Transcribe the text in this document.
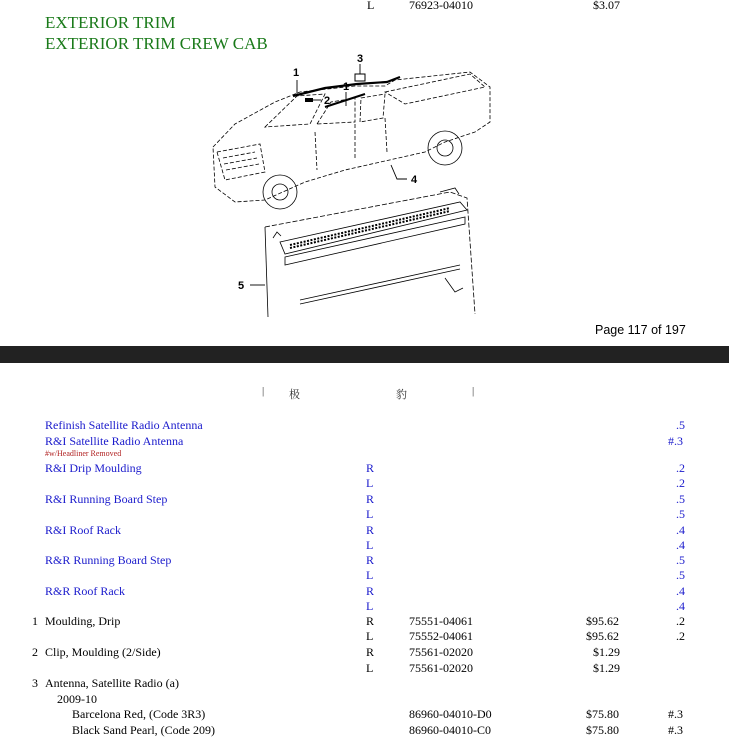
L	76923-04010	$3.07
EXTERIOR TRIM
EXTERIOR TRIM CREW CAB
1
2
3
1
4
5
Page 117 of 197
| 极	豹	|
Refinish Satellite Radio Antenna	.5
R&I Satellite Radio Antenna	#.3
#w/Headliner Removed
R&I Drip Moulding	R	.2
L	.2
R&I Running Board Step	R	.5
L	.5
R&I Roof Rack	R	.4
L	.4
R&R Running Board Step	R	.5
L	.5
R&R Roof Rack	R	.4
L	.4
1 Moulding, Drip	R	75551-04061	$95.62	.2
L	75552-04061	$95.62	.2
2 Clip, Moulding (2/Side)	R	75561-02020	$1.29
L	75561-02020	$1.29
3 Antenna, Satellite Radio (a)
2009-10
Barcelona Red, (Code 3R3)	86960-04010-D0	$75.80	#.3
Black Sand Pearl, (Code 209)	86960-04010-C0	$75.80	#.3
